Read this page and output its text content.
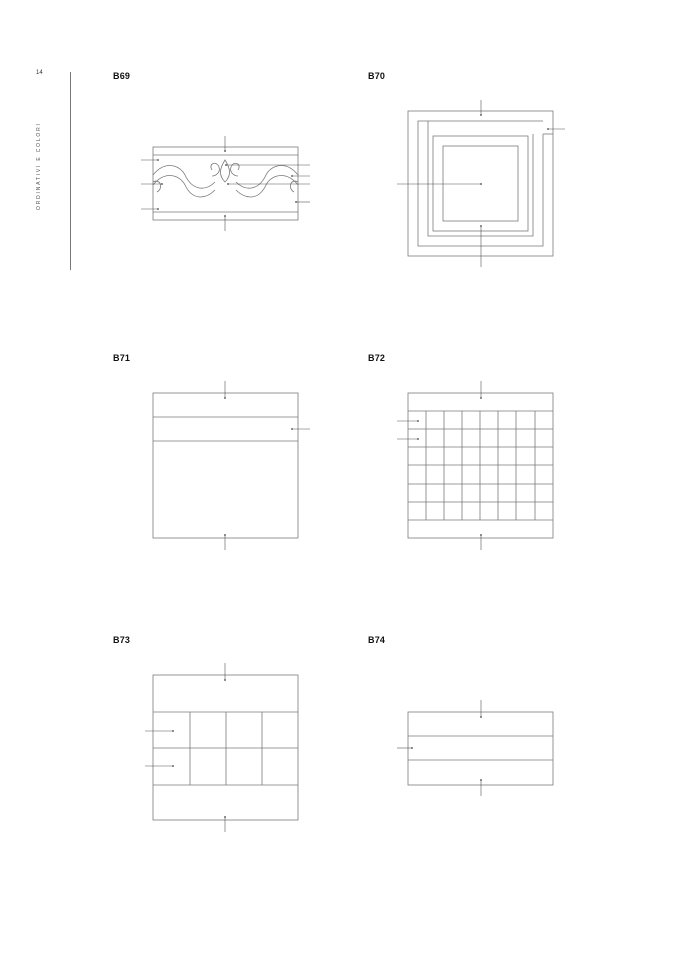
14
ORDINATIVI E COLORI
B69	B70
B71	B72
B73	B74
